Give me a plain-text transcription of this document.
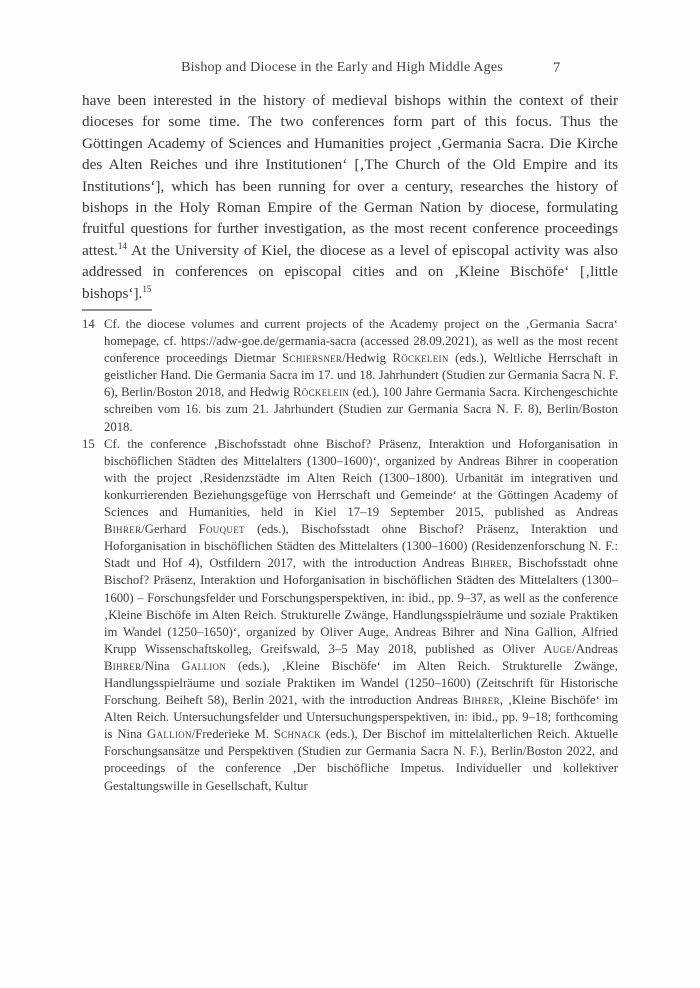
Bishop and Diocese in the Early and High Middle Ages	7
have been interested in the history of medieval bishops within the context of their dioceses for some time. The two conferences form part of this focus. Thus the Göttingen Academy of Sciences and Humanities project ‚Germania Sacra. Die Kirche des Alten Reiches und ihre Institutionen‘ [‚The Church of the Old Empire and its Institutions‘], which has been running for over a century, researches the history of bishops in the Holy Roman Empire of the German Nation by diocese, formulating fruitful questions for further investigation, as the most recent conference proceedings attest.$^{14}$ At the University of Kiel, the diocese as a level of episcopal activity was also addressed in conferences on episcopal cities and on ‚Kleine Bischöfe‘ [‚little bishops‘].$^{15}$
14 Cf. the diocese volumes and current projects of the Academy project on the ‚Germania Sacra‘ homepage, cf. https://adw-goe.de/germania-sacra (accessed 28.09.2021), as well as the most recent conference proceedings Dietmar Schiersner/Hedwig Röckelein (eds.), Weltliche Herrschaft in geistlicher Hand. Die Germania Sacra im 17. und 18. Jahrhundert (Studien zur Germania Sacra N. F. 6), Berlin/Boston 2018, and Hedwig Röckelein (ed.), 100 Jahre Germania Sacra. Kirchengeschichte schreiben vom 16. bis zum 21. Jahrhundert (Studien zur Germania Sacra N. F. 8), Berlin/Boston 2018.
15 Cf. the conference ‚Bischofsstadt ohne Bischof? Präsenz, Interaktion und Hoforganisation in bischöflichen Städten des Mittelalters (1300–1600)‘, organized by Andreas Bihrer in cooperation with the project ‚Residenzstädte im Alten Reich (1300–1800). Urbanität im integrativen und konkurrierenden Beziehungsgefüge von Herrschaft und Gemeinde‘ at the Göttingen Academy of Sciences and Humanities, held in Kiel 17–19 September 2015, published as Andreas Bihrer/Gerhard Fouquet (eds.), Bischofsstadt ohne Bischof? Präsenz, Interaktion und Hoforganisation in bischöflichen Städten des Mittelalters (1300–1600) (Residenzenforschung N. F.: Stadt und Hof 4), Ostfildern 2017, with the introduction Andreas Bihrer, Bischofsstadt ohne Bischof? Präsenz, Interaktion und Hoforganisation in bischöflichen Städten des Mittelalters (1300–1600) – Forschungsfelder und Forschungsperspektiven, in: ibid., pp. 9–37, as well as the conference ‚Kleine Bischöfe im Alten Reich. Strukturelle Zwänge, Handlungsspielräume und soziale Praktiken im Wandel (1250–1650)‘, organized by Oliver Auge, Andreas Bihrer and Nina Gallion, Alfried Krupp Wissenschaftskolleg, Greifswald, 3–5 May 2018, published as Oliver Auge/Andreas Bihrer/Nina Gallion (eds.), ‚Kleine Bischöfe‘ im Alten Reich. Strukturelle Zwänge, Handlungsspielräume und soziale Praktiken im Wandel (1250–1600) (Zeitschrift für Historische Forschung. Beiheft 58), Berlin 2021, with the introduction Andreas Bihrer, ‚Kleine Bischöfe‘ im Alten Reich. Untersuchungsfelder und Untersuchungsperspektiven, in: ibid., pp. 9–18; forthcoming is Nina Gallion/Frederieke M. Schnack (eds.), Der Bischof im mittelalterlichen Reich. Aktuelle Forschungsansätze und Perspektiven (Studien zur Germania Sacra N. F.), Berlin/Boston 2022, and proceedings of the conference ‚Der bischöfliche Impetus. Individueller und kollektiver Gestaltungswille in Gesellschaft, Kultur
